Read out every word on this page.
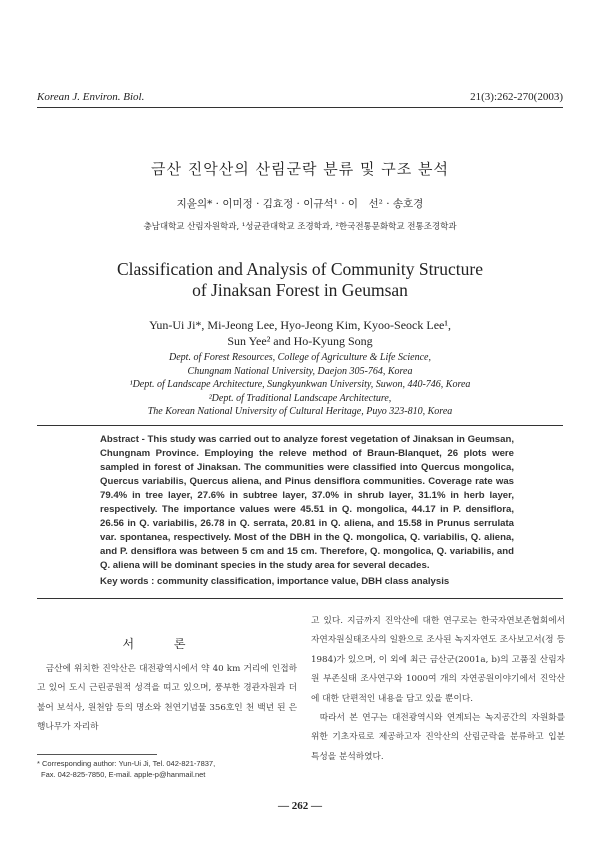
Korean J. Environ. Biol.	21(3):262-270(2003)
금산 진악산의 산림군락 분류 및 구조 분석
지윤의* · 이미정 · 김효정 · 이규석¹ · 이　선² · 송호경
충남대학교 산림자원학과, ¹성균관대학교 조경학과, ²한국전통문화학교 전통조경학과
Classification and Analysis of Community Structure
of Jinaksan Forest in Geumsan
Yun-Ui Ji*, Mi-Jeong Lee, Hyo-Jeong Kim, Kyoo-Seock Lee¹,
Sun Yee² and Ho-Kyung Song
Dept. of Forest Resources, College of Agriculture & Life Science,
Chungnam National University, Daejon 305-764, Korea
¹Dept. of Landscape Architecture, Sungkyunkwan University, Suwon, 440-746, Korea
²Dept. of Traditional Landscape Architecture,
The Korean National University of Cultural Heritage, Puyo 323-810, Korea
Abstract - This study was carried out to analyze forest vegetation of Jinaksan in Geumsan, Chungnam Province. Employing the releve method of Braun-Blanquet, 26 plots were sampled in forest of Jinaksan. The communities were classified into Quercus mongolica, Quercus variabilis, Quercus aliena, and Pinus densiflora communities. Coverage rate was 79.4% in tree layer, 27.6% in subtree layer, 37.0% in shrub layer, 31.1% in herb layer, respectively. The importance values were 45.51 in Q. mongolica, 44.17 in P. densiflora, 26.56 in Q. variabilis, 26.78 in Q. serrata, 20.81 in Q. aliena, and 15.58 in Prunus serrulata var. spontanea, respectively. Most of the DBH in the Q. mongolica, Q. variabilis, Q. aliena, and P. densiflora was between 5 cm and 15 cm. Therefore, Q. mongolica, Q. variabilis, and Q. aliena will be dominant species in the study area for several decades.
Key words : community classification, importance value, DBH class analysis
서 론

금산에 위치한 진악산은 대전광역시에서 약 40 km 거리에 인접하고 있어 도시 근린공원적 성격을 띠고 있으며, 풍부한 경관자원과 더불어 보석사, 원천암 등의 명소와 천연기념물 356호인 천 백년 된 은행나무가 자리하

고 있다. 지금까지 진악산에 대한 연구로는 한국자연보존협회에서 자연자원실태조사의 일환으로 조사된 녹지자연도 조사보고서(정 등 1984)가 있으며, 이 외에 최근 금산군(2001a, b)의 고품질 산림자원 부존실태 조사연구와 1000여 개의 자연공원이야기에서 진악산에 대한 단편적인 내용을 담고 있을 뿐이다.

따라서 본 연구는 대전광역시와 연계되는 녹지공간의 자원화를 위한 기초자료로 제공하고자 진악산의 산림군락을 분류하고 입분 특성을 분석하였다.

* Corresponding author: Yun-Ui Ji, Tel. 042-821-7837,
Fax. 042-825-7850, E-mail. apple-p@hanmail.net
— 262 —
